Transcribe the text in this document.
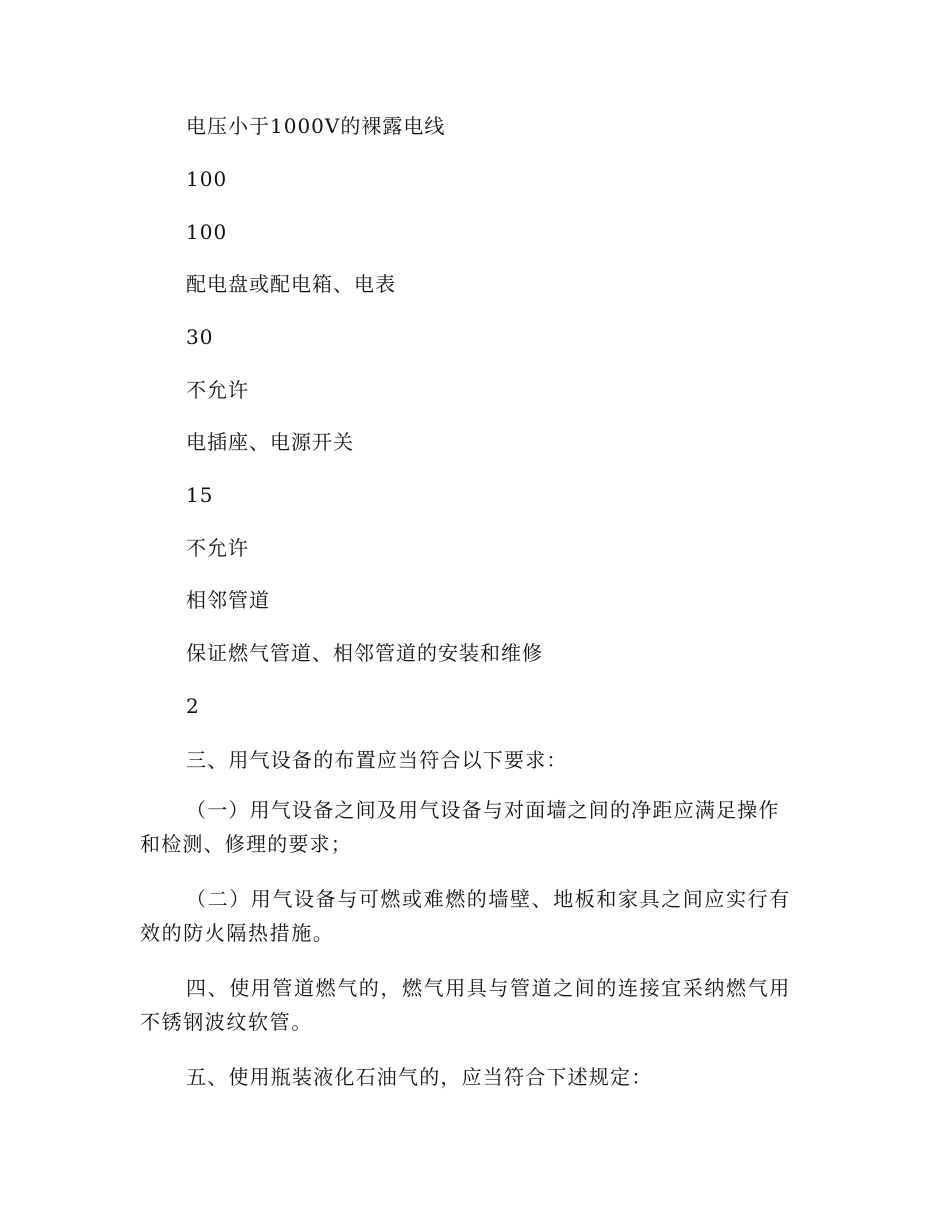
电压小于1000V的裸露电线
100
100
配电盘或配电箱、电表
30
不允许
电插座、电源开关
15
不允许
相邻管道
保证燃气管道、相邻管道的安装和维修
2
三、用气设备的布置应当符合以下要求：
（一）用气设备之间及用气设备与对面墙之间的净距应满足操作和检测、修理的要求；
（二）用气设备与可燃或难燃的墙壁、地板和家具之间应实行有效的防火隔热措施。
四、使用管道燃气的，燃气用具与管道之间的连接宜采纳燃气用不锈钢波纹软管。
五、使用瓶装液化石油气的，应当符合下述规定：
